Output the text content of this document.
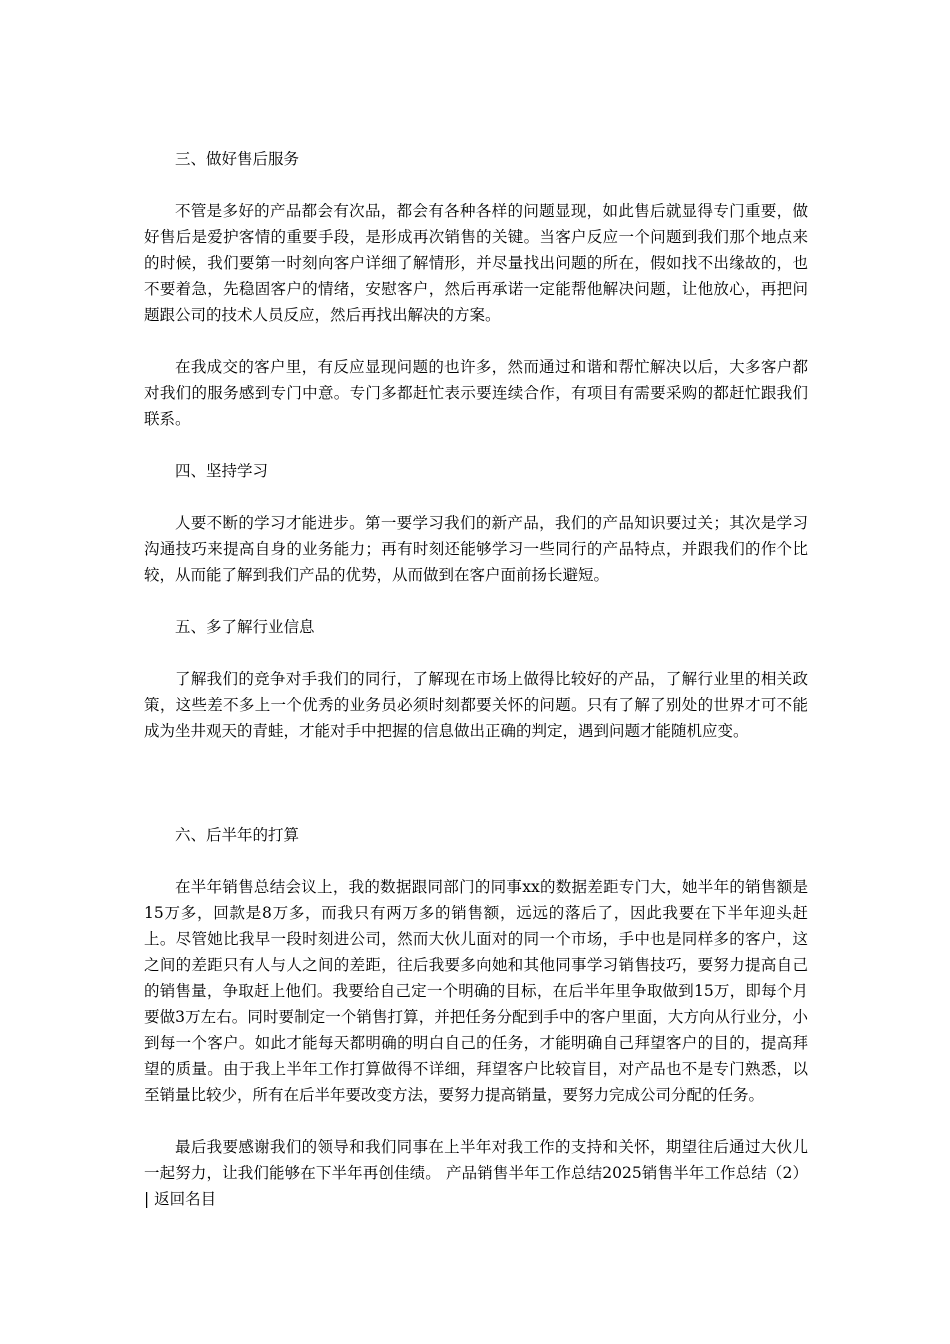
三、做好售后服务

不管是多好的产品都会有次品，都会有各种各样的问题显现，如此售后就显得专门重要，做好售后是爱护客情的重要手段，是形成再次销售的关键。当客户反应一个问题到我们那个地点来的时候，我们要第一时刻向客户详细了解情形，并尽量找出问题的所在，假如找不出缘故的，也不要着急，先稳固客户的情绪，安慰客户，然后再承诺一定能帮他解决问题，让他放心，再把问题跟公司的技术人员反应，然后再找出解决的方案。

在我成交的客户里，有反应显现问题的也许多，然而通过和谐和帮忙解决以后，大多客户都对我们的服务感到专门中意。专门多都赶忙表示要连续合作，有项目有需要采购的都赶忙跟我们联系。

四、坚持学习

人要不断的学习才能进步。第一要学习我们的新产品，我们的产品知识要过关；其次是学习沟通技巧来提高自身的业务能力；再有时刻还能够学习一些同行的产品特点，并跟我们的作个比较，从而能了解到我们产品的优势，从而做到在客户面前扬长避短。

五、多了解行业信息

了解我们的竞争对手我们的同行，了解现在市场上做得比较好的产品，了解行业里的相关政策，这些差不多上一个优秀的业务员必须时刻都要关怀的问题。只有了解了别处的世界才可不能成为坐井观天的青蛙，才能对手中把握的信息做出正确的判定，遇到问题才能随机应变。

六、后半年的打算

在半年销售总结会议上，我的数据跟同部门的同事xx的数据差距专门大，她半年的销售额是15万多，回款是8万多，而我只有两万多的销售额，远远的落后了，因此我要在下半年迎头赶上。尽管她比我早一段时刻进公司，然而大伙儿面对的同一个市场，手中也是同样多的客户，这之间的差距只有人与人之间的差距，往后我要多向她和其他同事学习销售技巧，要努力提高自己的销售量，争取赶上他们。我要给自己定一个明确的目标，在后半年里争取做到15万，即每个月要做3万左右。同时要制定一个销售打算，并把任务分配到手中的客户里面，大方向从行业分，小到每一个客户。如此才能每天都明确的明白自己的任务，才能明确自己拜望客户的目的，提高拜望的质量。由于我上半年工作打算做得不详细，拜望客户比较盲目，对产品也不是专门熟悉，以至销量比较少，所有在后半年要改变方法，要努力提高销量，要努力完成公司分配的任务。

最后我要感谢我们的领导和我们同事在上半年对我工作的支持和关怀，期望往后通过大伙儿一起努力，让我们能够在下半年再创佳绩。 产品销售半年工作总结2025销售半年工作总结（2） | 返回名目
